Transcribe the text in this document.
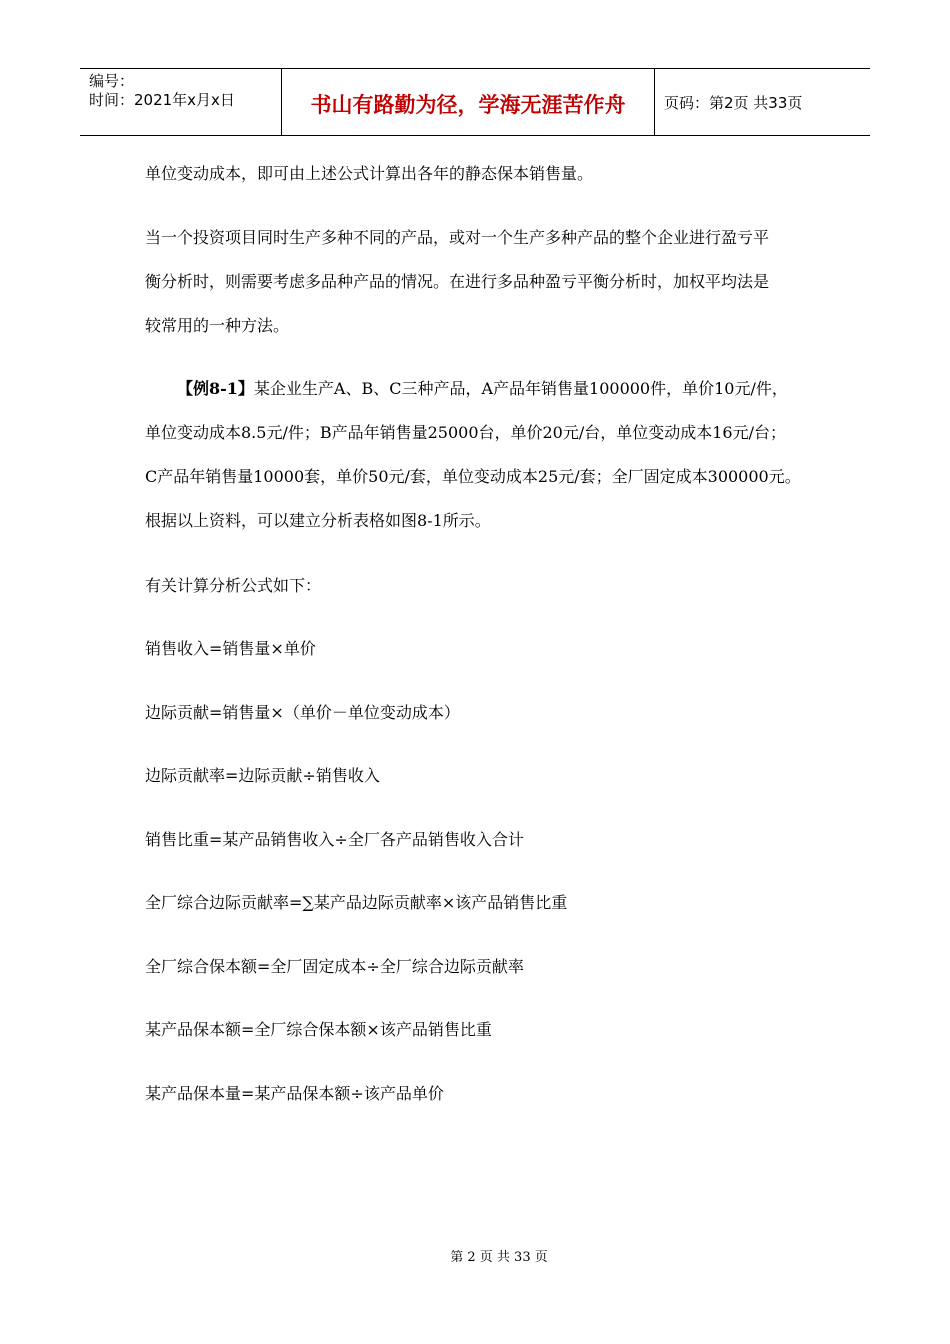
编号：
时间：2021年x月x日	书山有路勤为径，学海无涯苦作舟	页码：第2页 共33页
单位变动成本，即可由上述公式计算出各年的静态保本销售量。
当一个投资项目同时生产多种不同的产品，或对一个生产多种产品的整个企业进行盈亏平
衡分析时，则需要考虑多品种产品的情况。在进行多品种盈亏平衡分析时，加权平均法是
较常用的一种方法。
【例8-1】某企业生产A、B、C三种产品，A产品年销售量100000件，单价10元/件，
单位变动成本8.5元/件；B产品年销售量25000台，单价20元/台，单位变动成本16元/台；
C产品年销售量10000套，单价50元/套，单位变动成本25元/套；全厂固定成本300000元。
根据以上资料，可以建立分析表格如图8-1所示。
有关计算分析公式如下：
销售收入=销售量×单价
边际贡献=销售量×（单价－单位变动成本）
边际贡献率=边际贡献÷销售收入
销售比重=某产品销售收入÷全厂各产品销售收入合计
全厂综合边际贡献率=∑某产品边际贡献率×该产品销售比重
全厂综合保本额=全厂固定成本÷全厂综合边际贡献率
某产品保本额=全厂综合保本额×该产品销售比重
某产品保本量=某产品保本额÷该产品单价
第 2 页 共 33 页
